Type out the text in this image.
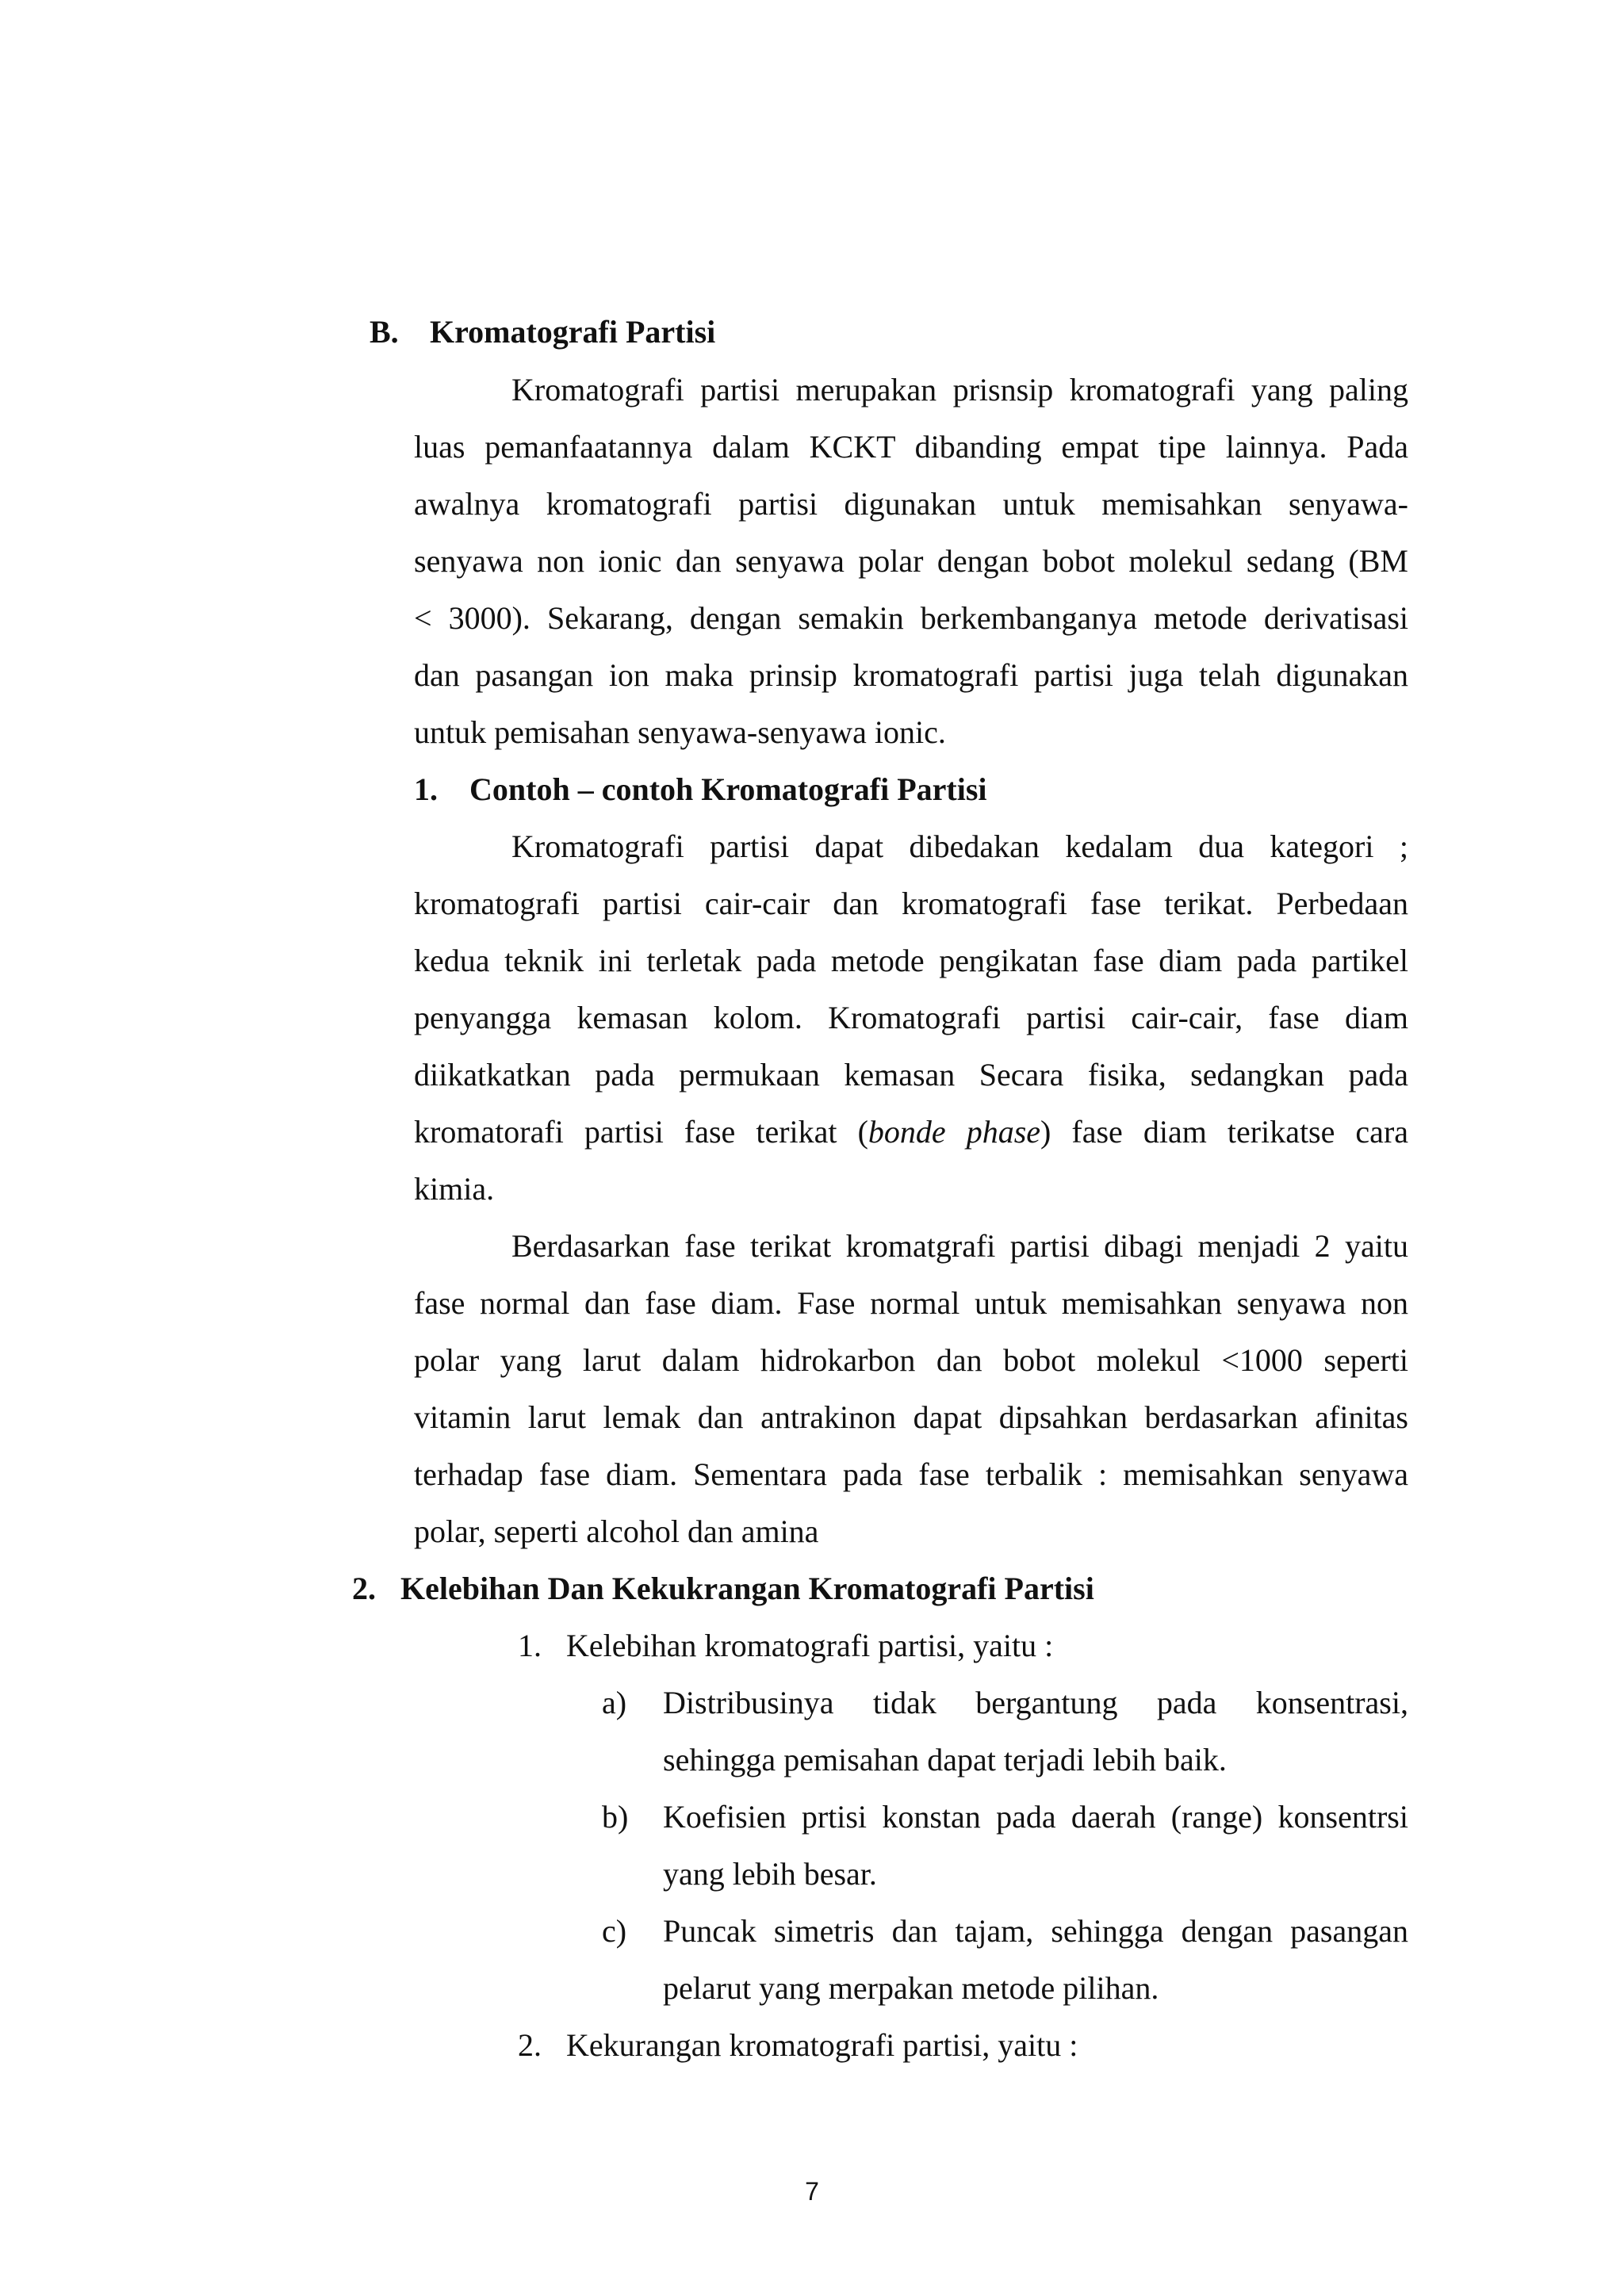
B. Kromatografi Partisi
Kromatografi partisi merupakan prisnsip kromatografi yang paling
luas pemanfaatannya dalam KCKT dibanding empat tipe lainnya. Pada
awalnya kromatografi partisi digunakan untuk memisahkan senyawa-
senyawa non ionic dan senyawa polar dengan bobot molekul sedang (BM
< 3000). Sekarang, dengan semakin berkembanganya metode derivatisasi
dan pasangan ion maka prinsip kromatografi partisi juga telah digunakan
untuk pemisahan senyawa-senyawa ionic.
1. Contoh – contoh Kromatografi Partisi
Kromatografi partisi dapat dibedakan kedalam dua kategori ;
kromatografi partisi cair-cair dan kromatografi fase terikat. Perbedaan
kedua teknik ini terletak pada metode pengikatan fase diam pada partikel
penyangga kemasan kolom. Kromatografi partisi cair-cair, fase diam
diikatkatkan pada permukaan kemasan Secara fisika, sedangkan pada
kromatorafi partisi fase terikat (bonde phase) fase diam terikatse cara
kimia.
Berdasarkan fase terikat kromatgrafi partisi dibagi menjadi 2 yaitu
fase normal dan fase diam. Fase normal untuk memisahkan senyawa non
polar yang larut dalam hidrokarbon dan bobot molekul <1000 seperti
vitamin larut lemak dan antrakinon dapat dipsahkan berdasarkan afinitas
terhadap fase diam. Sementara pada fase terbalik : memisahkan senyawa
polar, seperti alcohol dan amina
2. Kelebihan Dan Kekukrangan Kromatografi Partisi
1. Kelebihan kromatografi partisi, yaitu :
a) Distribusinya tidak bergantung pada konsentrasi,
sehingga pemisahan dapat terjadi lebih baik.
b) Koefisien prtisi konstan pada daerah (range) konsentrsi
yang lebih besar.
c) Puncak simetris dan tajam, sehingga dengan pasangan
pelarut yang merpakan metode pilihan.
2. Kekurangan kromatografi partisi, yaitu :
7
